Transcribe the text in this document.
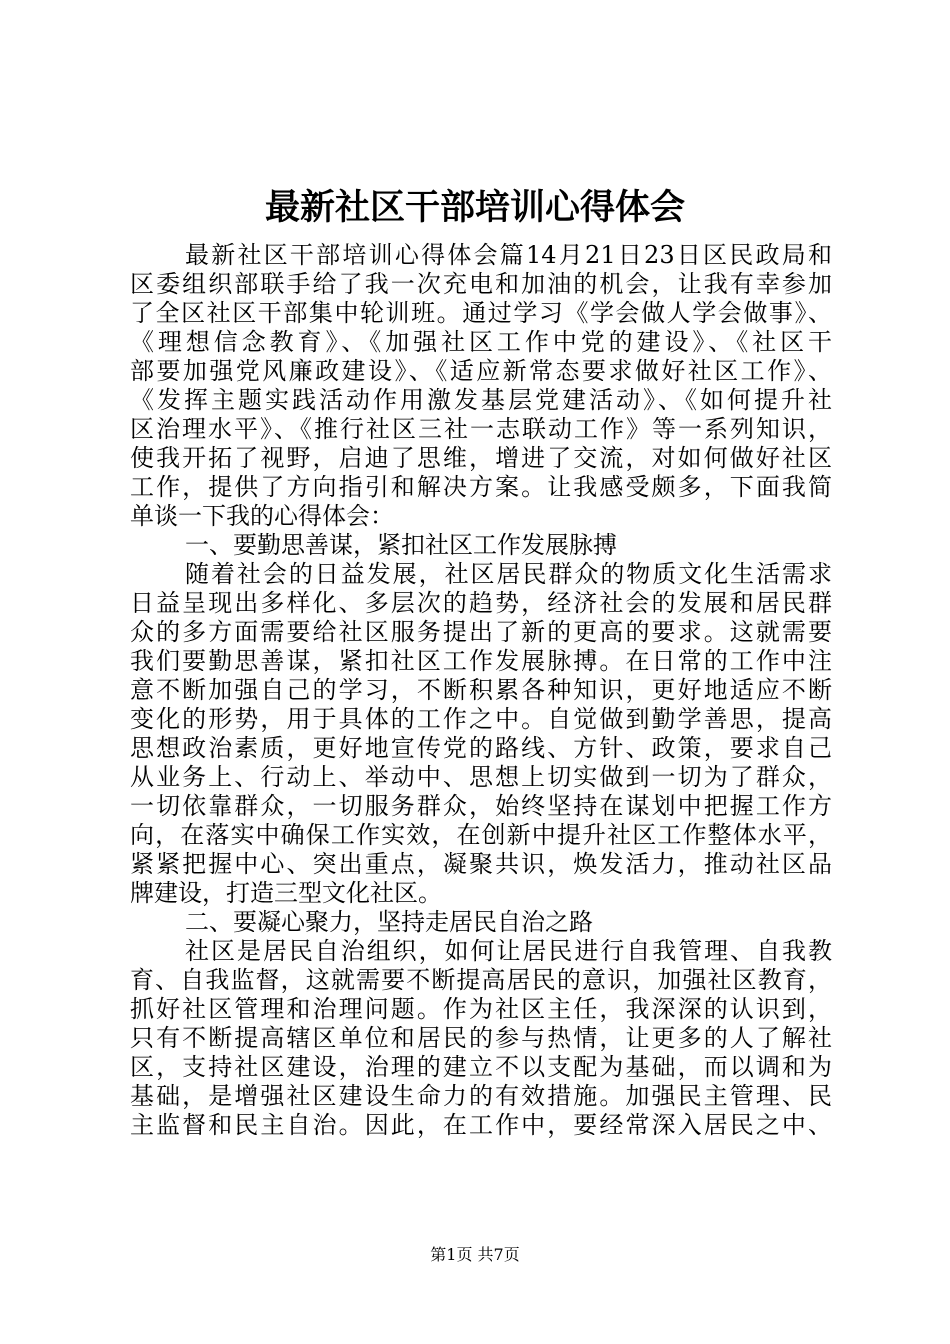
最新社区干部培训心得体会
最新社区干部培训心得体会篇14月21日23日区民政局和
区委组织部联手给了我一次充电和加油的机会，让我有幸参加
了全区社区干部集中轮训班。通过学习《学会做人学会做事》、
《理想信念教育》、《加强社区工作中党的建设》、《社区干
部要加强党风廉政建设》、《适应新常态要求做好社区工作》、
《发挥主题实践活动作用激发基层党建活动》、《如何提升社
区治理水平》、《推行社区三社一志联动工作》等一系列知识，
使我开拓了视野，启迪了思维，增进了交流，对如何做好社区
工作，提供了方向指引和解决方案。让我感受颇多，下面我简
单谈一下我的心得体会：
一、要勤思善谋，紧扣社区工作发展脉搏
随着社会的日益发展，社区居民群众的物质文化生活需求
日益呈现出多样化、多层次的趋势，经济社会的发展和居民群
众的多方面需要给社区服务提出了新的更高的要求。这就需要
我们要勤思善谋，紧扣社区工作发展脉搏。在日常的工作中注
意不断加强自己的学习，不断积累各种知识，更好地适应不断
变化的形势，用于具体的工作之中。自觉做到勤学善思，提高
思想政治素质，更好地宣传党的路线、方针、政策，要求自己
从业务上、行动上、举动中、思想上切实做到一切为了群众，
一切依靠群众，一切服务群众，始终坚持在谋划中把握工作方
向，在落实中确保工作实效，在创新中提升社区工作整体水平，
紧紧把握中心、突出重点，凝聚共识，焕发活力，推动社区品
牌建设，打造三型文化社区。
二、要凝心聚力，坚持走居民自治之路
社区是居民自治组织，如何让居民进行自我管理、自我教
育、自我监督，这就需要不断提高居民的意识，加强社区教育，
抓好社区管理和治理问题。作为社区主任，我深深的认识到，
只有不断提高辖区单位和居民的参与热情，让更多的人了解社
区，支持社区建设，治理的建立不以支配为基础，而以调和为
基础，是增强社区建设生命力的有效措施。加强民主管理、民
主监督和民主自治。因此，在工作中，要经常深入居民之中、
第1页 共7页
